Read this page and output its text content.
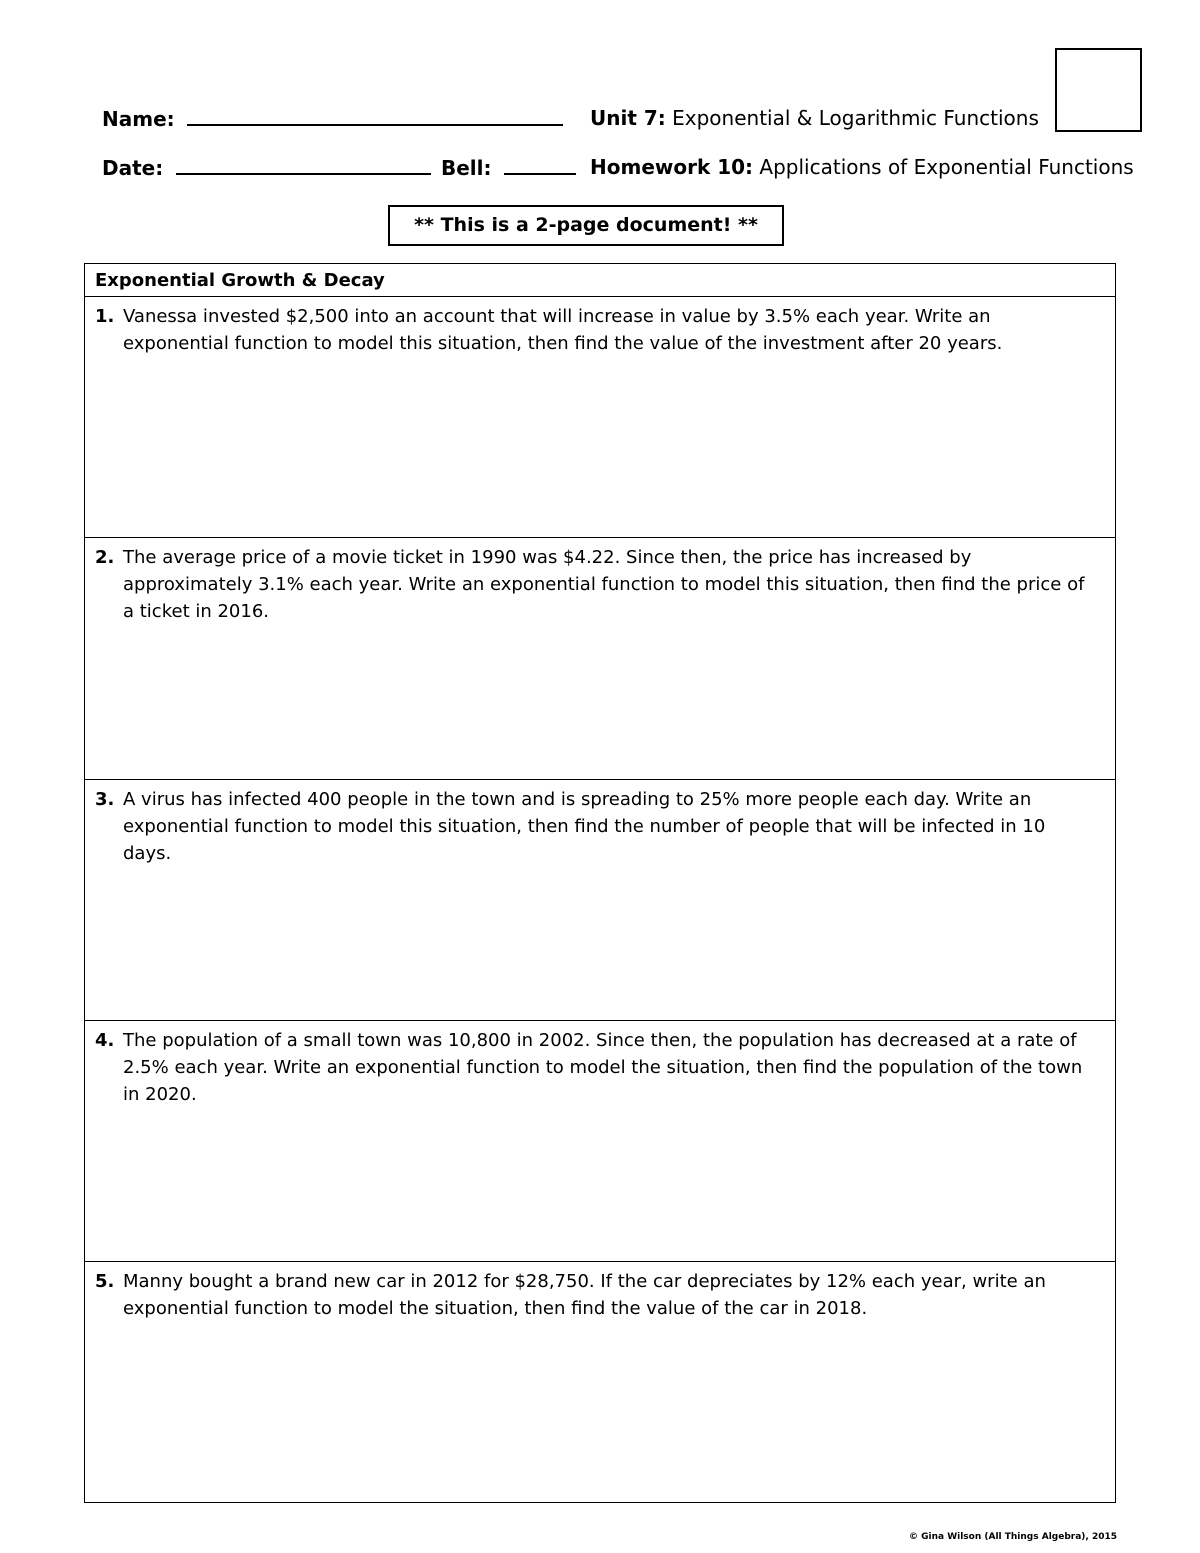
Name:
Date:	Bell:
Unit 7: Exponential & Logarithmic Functions
Homework 10: Applications of Exponential Functions
** This is a 2-page document! **
Exponential Growth & Decay
1. Vanessa invested $2,500 into an account that will increase in value by 3.5% each year. Write an exponential function to model this situation, then find the value of the investment after 20 years.
2. The average price of a movie ticket in 1990 was $4.22. Since then, the price has increased by approximately 3.1% each year. Write an exponential function to model this situation, then find the price of a ticket in 2016.
3. A virus has infected 400 people in the town and is spreading to 25% more people each day. Write an exponential function to model this situation, then find the number of people that will be infected in 10 days.
4. The population of a small town was 10,800 in 2002. Since then, the population has decreased at a rate of 2.5% each year. Write an exponential function to model the situation, then find the population of the town in 2020.
5. Manny bought a brand new car in 2012 for $28,750. If the car depreciates by 12% each year, write an exponential function to model the situation, then find the value of the car in 2018.
© Gina Wilson (All Things Algebra), 2015
